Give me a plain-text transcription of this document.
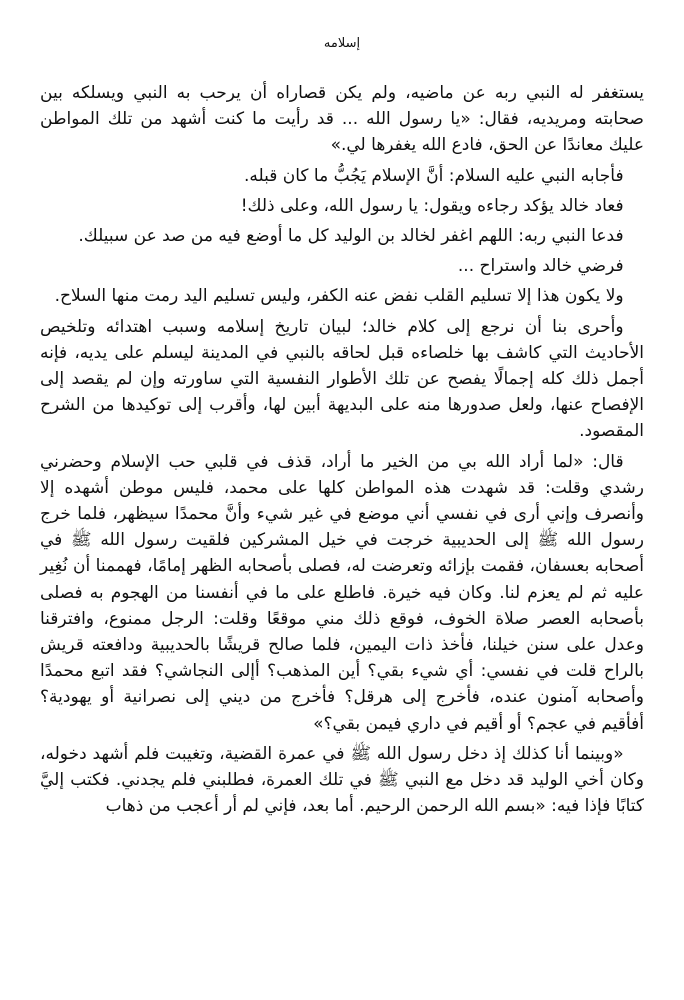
إسلامه

يستغفر له النبي ربه عن ماضيه، ولم يكن قصاراه أن يرحب به النبي ويسلكه بين صحابته ومريديه، فقال: «يا رسول الله ... قد رأيت ما كنت أشهد من تلك المواطن عليك معاندًا عن الحق، فادع الله يغفرها لي.»

فأجابه النبي عليه السلام: أنَّ الإسلام يَجُبُّ ما كان قبله.

فعاد خالد يؤكد رجاءه ويقول: يا رسول الله، وعلى ذلك!

فدعا النبي ربه: اللهم اغفر لخالد بن الوليد كل ما أوضع فيه من صد عن سبيلك.

فرضي خالد واستراح ...

ولا يكون هذا إلا تسليم القلب نفض عنه الكفر، وليس تسليم اليد رمت منها السلاح.

وأحرى بنا أن نرجع إلى كلام خالد؛ لبيان تاريخ إسلامه وسبب اهتدائه وتلخيص الأحاديث التي كاشف بها خلصاءه قبل لحاقه بالنبي في المدينة ليسلم على يديه، فإنه أجمل ذلك كله إجمالًا يفصح عن تلك الأطوار النفسية التي ساورته وإن لم يقصد إلى الإفصاح عنها، ولعل صدورها منه على البديهة أبين لها، وأقرب إلى توكيدها من الشرح المقصود.

قال: «لما أراد الله بي من الخير ما أراد، قذف في قلبي حب الإسلام وحضرني رشدي وقلت: قد شهدت هذه المواطن كلها على محمد، فليس موطن أشهده إلا وأنصرف وإني أرى في نفسي أني موضع في غير شيء وأنَّ محمدًا سيظهر، فلما خرج رسول الله ﷺ إلى الحديبية خرجت في خيل المشركين فلقيت رسول الله ﷺ في أصحابه بعسفان، فقمت بإزائه وتعرضت له، فصلى بأصحابه الظهر إمامًا، فهممنا أن نُغِير عليه ثم لم يعزم لنا. وكان فيه خيرة. فاطلع على ما في أنفسنا من الهجوم به فصلى بأصحابه العصر صلاة الخوف، فوقع ذلك مني موقعًا وقلت: الرجل ممنوع، وافترقنا وعدل على سنن خيلنا، فأخذ ذات اليمين، فلما صالح قريشًا بالحديبية ودافعته قريش بالراح قلت في نفسي: أي شيء بقي؟ أين المذهب؟ أإلى النجاشي؟ فقد اتبع محمدًا وأصحابه آمنون عنده، فأخرج إلى هرقل؟ فأخرج من ديني إلى نصرانية أو يهودية؟ أفأقيم في عجم؟ أو أقيم في داري فيمن بقي؟»

«وبينما أنا كذلك إذ دخل رسول الله ﷺ في عمرة القضية، وتغيبت فلم أشهد دخوله، وكان أخي الوليد قد دخل مع النبي ﷺ في تلك العمرة، فطلبني فلم يجدني. فكتب إليَّ كتابًا فإذا فيه: «بسم الله الرحمن الرحيم. أما بعد، فإني لم أر أعجب من ذهاب
